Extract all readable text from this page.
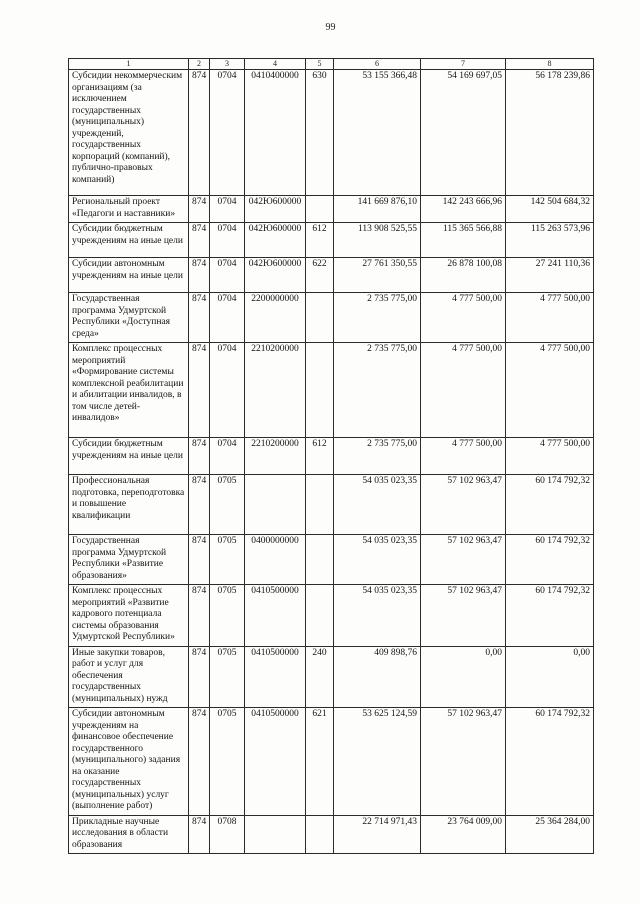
99
1	2	3	4	5	6	7	8
Субсидии некоммерческим организациям (за исключением государственных (муниципальных) учреждений, государственных корпораций (компаний), публично-правовых компаний)	874	0704	0410400000	630	53 155 366,48	54 169 697,05	56 178 239,86
Региональный проект «Педагоги и наставники»	874	0704	042Ю600000		141 669 876,10	142 243 666,96	142 504 684,32
Субсидии бюджетным учреждениям на иные цели	874	0704	042Ю600000	612	113 908 525,55	115 365 566,88	115 263 573,96
Субсидии автономным учреждениям на иные цели	874	0704	042Ю600000	622	27 761 350,55	26 878 100,08	27 241 110,36
Государственная программа Удмуртской Республики «Доступная среда»	874	0704	2200000000		2 735 775,00	4 777 500,00	4 777 500,00
Комплекс процессных мероприятий «Формирование системы комплексной реабилитации и абилитации инвалидов, в том числе детей-инвалидов»	874	0704	2210200000		2 735 775,00	4 777 500,00	4 777 500,00
Субсидии бюджетным учреждениям на иные цели	874	0704	2210200000	612	2 735 775,00	4 777 500,00	4 777 500,00
Профессиональная подготовка, переподготовка и повышение квалификации	874	0705			54 035 023,35	57 102 963,47	60 174 792,32
Государственная программа Удмуртской Республики «Развитие образования»	874	0705	0400000000		54 035 023,35	57 102 963,47	60 174 792,32
Комплекс процессных мероприятий «Развитие кадрового потенциала системы образования Удмуртской Республики»	874	0705	0410500000		54 035 023,35	57 102 963,47	60 174 792,32
Иные закупки товаров, работ и услуг для обеспечения государственных (муниципальных) нужд	874	0705	0410500000	240	409 898,76	0,00	0,00
Субсидии автономным учреждениям на финансовое обеспечение государственного (муниципального) задания на оказание государственных (муниципальных) услуг (выполнение работ)	874	0705	0410500000	621	53 625 124,59	57 102 963,47	60 174 792,32
Прикладные научные исследования в области образования	874	0708			22 714 971,43	23 764 009,00	25 364 284,00
